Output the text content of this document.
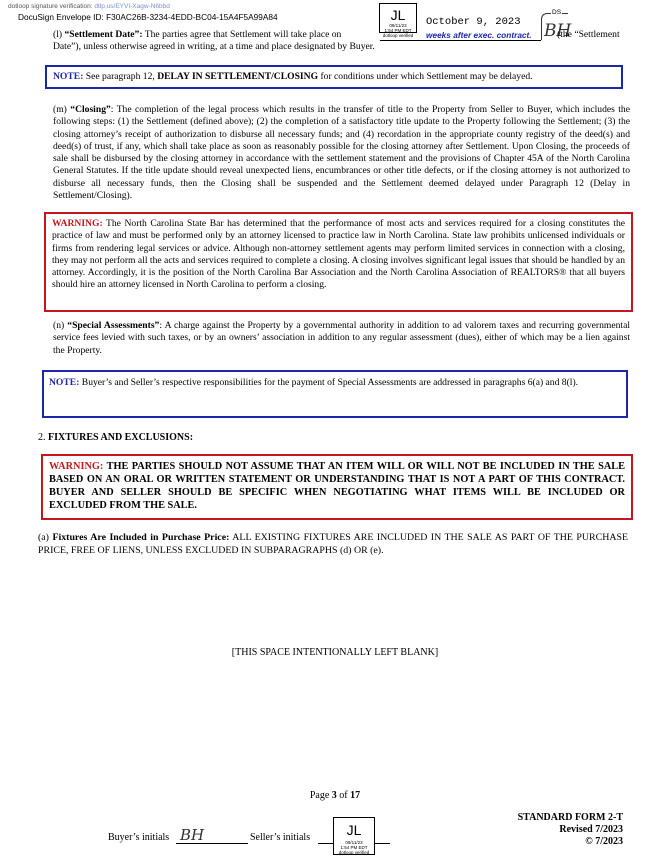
dotloop signature verification: dtlp.us/EYVI-Xagw-N6bbd
DocuSign Envelope ID: F30AC26B-3234-4EDD-BC04-15A4F5A99A84	JL
09/11/23
1:54 PM EDT
dotloop verified
October 9, 2023
DS
BH
(l) “Settlement Date”: The parties agree that Settlement will take place on
Date”), unless otherwise agreed in writing, at a time and place designated by Buyer.
weeks after exec. contract.	(the “Settlement
NOTE: See paragraph 12, DELAY IN SETTLEMENT/CLOSING for conditions under which Settlement may be delayed.
(m) “Closing”: The completion of the legal process which results in the transfer of title to the Property from Seller to Buyer, which includes the following steps: (1) the Settlement (defined above); (2) the completion of a satisfactory title update to the Property following the Settlement; (3) the closing attorney’s receipt of authorization to disburse all necessary funds; and (4) recordation in the appropriate county registry of the deed(s) and deed(s) of trust, if any, which shall take place as soon as reasonably possible for the closing attorney after Settlement. Upon Closing, the proceeds of sale shall be disbursed by the closing attorney in accordance with the settlement statement and the provisions of Chapter 45A of the North Carolina General Statutes. If the title update should reveal unexpected liens, encumbrances or other title defects, or if the closing attorney is not authorized to disburse all necessary funds, then the Closing shall be suspended and the Settlement deemed delayed under Paragraph 12 (Delay in Settlement/Closing).
WARNING: The North Carolina State Bar has determined that the performance of most acts and services required for a closing constitutes the practice of law and must be performed only by an attorney licensed to practice law in North Carolina. State law prohibits unlicensed individuals or firms from rendering legal services or advice. Although non-attorney settlement agents may perform limited services in connection with a closing, they may not perform all the acts and services required to complete a closing. A closing involves significant legal issues that should be handled by an attorney. Accordingly, it is the position of the North Carolina Bar Association and the North Carolina Association of REALTORS® that all buyers should hire an attorney licensed in North Carolina to perform a closing.
(n) “Special Assessments”: A charge against the Property by a governmental authority in addition to ad valorem taxes and recurring governmental service fees levied with such taxes, or by an owners’ association in addition to any regular assessment (dues), either of which may be a lien against the Property.
NOTE: Buyer’s and Seller’s respective responsibilities for the payment of Special Assessments are addressed in paragraphs 6(a) and 8(l).
2. FIXTURES AND EXCLUSIONS:
WARNING: THE PARTIES SHOULD NOT ASSUME THAT AN ITEM WILL OR WILL NOT BE INCLUDED IN THE SALE BASED ON AN ORAL OR WRITTEN STATEMENT OR UNDERSTANDING THAT IS NOT A PART OF THIS CONTRACT. BUYER AND SELLER SHOULD BE SPECIFIC WHEN NEGOTIATING WHAT ITEMS WILL BE INCLUDED OR EXCLUDED FROM THE SALE.
(a) Fixtures Are Included in Purchase Price: ALL EXISTING FIXTURES ARE INCLUDED IN THE SALE AS PART OF THE PURCHASE PRICE, FREE OF LIENS, UNLESS EXCLUDED IN SUBPARAGRAPHS (d) OR (e).
[THIS SPACE INTENTIONALLY LEFT BLANK]
Page 3 of 17
STANDARD FORM 2-T
Revised 7/2023
© 7/2023
Buyer’s initials BH	Seller’s initials	JL
09/11/23
1:54 PM EDT
dotloop verified
